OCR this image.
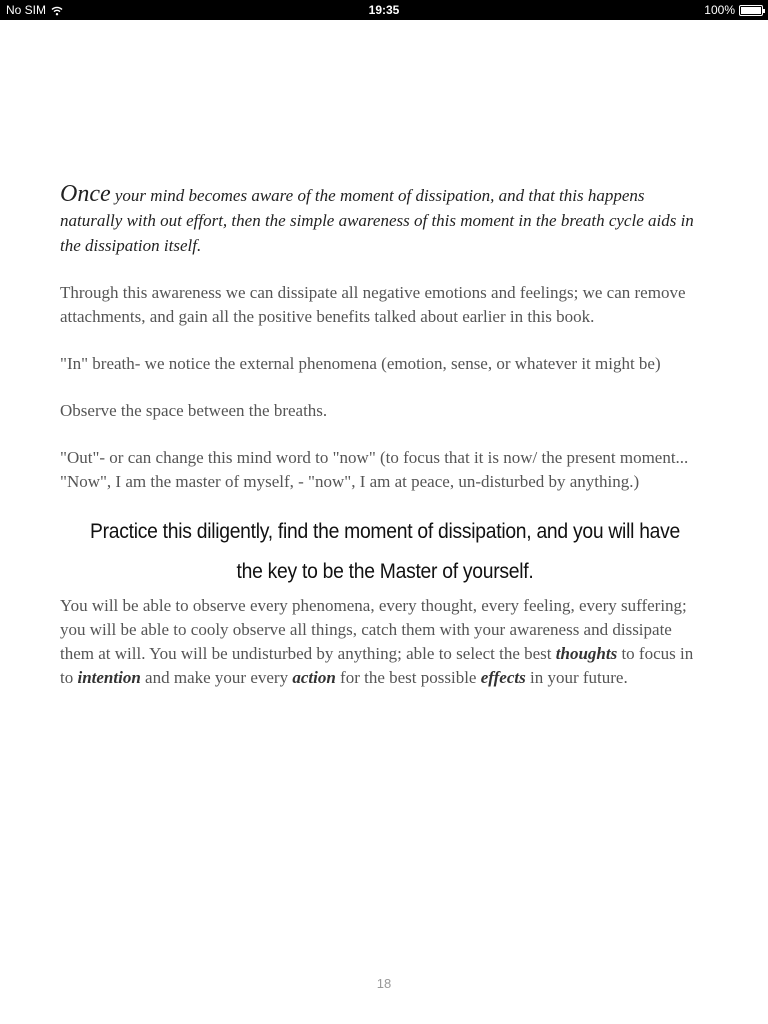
No SIM	19:35	100%

Once your mind becomes aware of the moment of dissipation, and that this happens naturally with out effort, then the simple awareness of this moment in the breath cycle aids in the dissipation itself.

Through this awareness we can dissipate all negative emotions and feelings; we can remove attachments, and gain all the positive benefits talked about earlier in this book.

"In" breath- we notice the external phenomena (emotion, sense, or whatever it might be)

Observe the space between the breaths.

"Out"- or can change this mind word to "now" (to focus that it is now/ the present moment... "Now", I am the master of myself, - "now", I am at peace, un-disturbed by anything.)

Practice this diligently, find the moment of dissipation, and you will have the key to be the Master of yourself.

You will be able to observe every phenomena, every thought, every feeling, every suffering; you will be able to cooly observe all things, catch them with your awareness and dissipate them at will. You will be undisturbed by anything; able to select the best thoughts to focus in to intention and make your every action for the best possible effects in your future.

18
